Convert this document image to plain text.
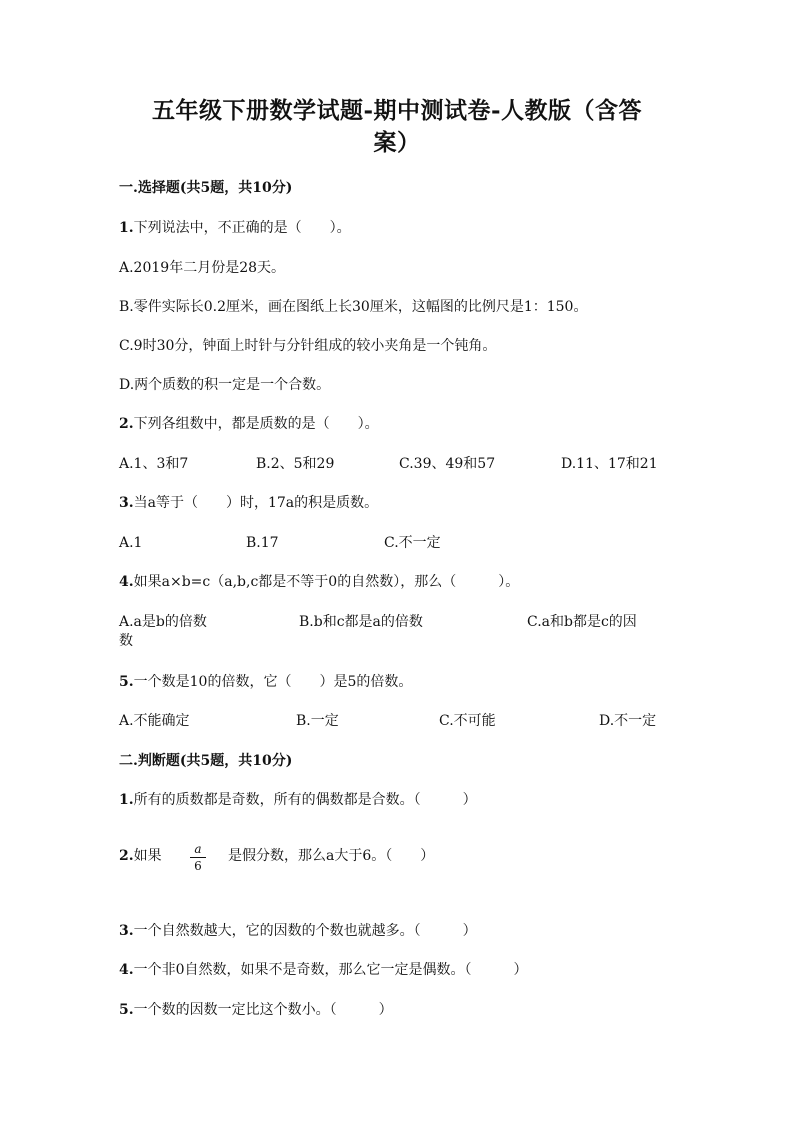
五年级下册数学试题-期中测试卷-人教版（含答
案）
一.选择题(共5题，共10分)
1.下列说法中，不正确的是（　　）。
A.2019年二月份是28天。
B.零件实际长0.2厘米，画在图纸上长30厘米，这幅图的比例尺是1：150。
C.9时30分，钟面上时针与分针组成的较小夹角是一个钝角。
D.两个质数的积一定是一个合数。
2.下列各组数中，都是质数的是（　　）。
A.1、3和7	B.2、5和29	C.39、49和57	D.11、17和21
3.当a等于（　　）时，17a的积是质数。
A.1	B.17	C.不一定
4.如果a×b=c（a,b,c都是不等于0的自然数），那么（　　　）。
A.a是b的倍数	B.b和c都是a的倍数	C.a和b都是c的因
数
5.一个数是10的倍数，它（　　）是5的倍数。
A.不能确定	B.一定	C.不可能	D.不一定
二.判断题(共5题，共10分)
1.所有的质数都是奇数，所有的偶数都是合数。（　　　）
2.如果	a
6
是假分数，那么a大于6。（　　）
3.一个自然数越大，它的因数的个数也就越多。（　　　）
4.一个非0自然数，如果不是奇数，那么它一定是偶数。（　　　）
5.一个数的因数一定比这个数小。（　　　）
